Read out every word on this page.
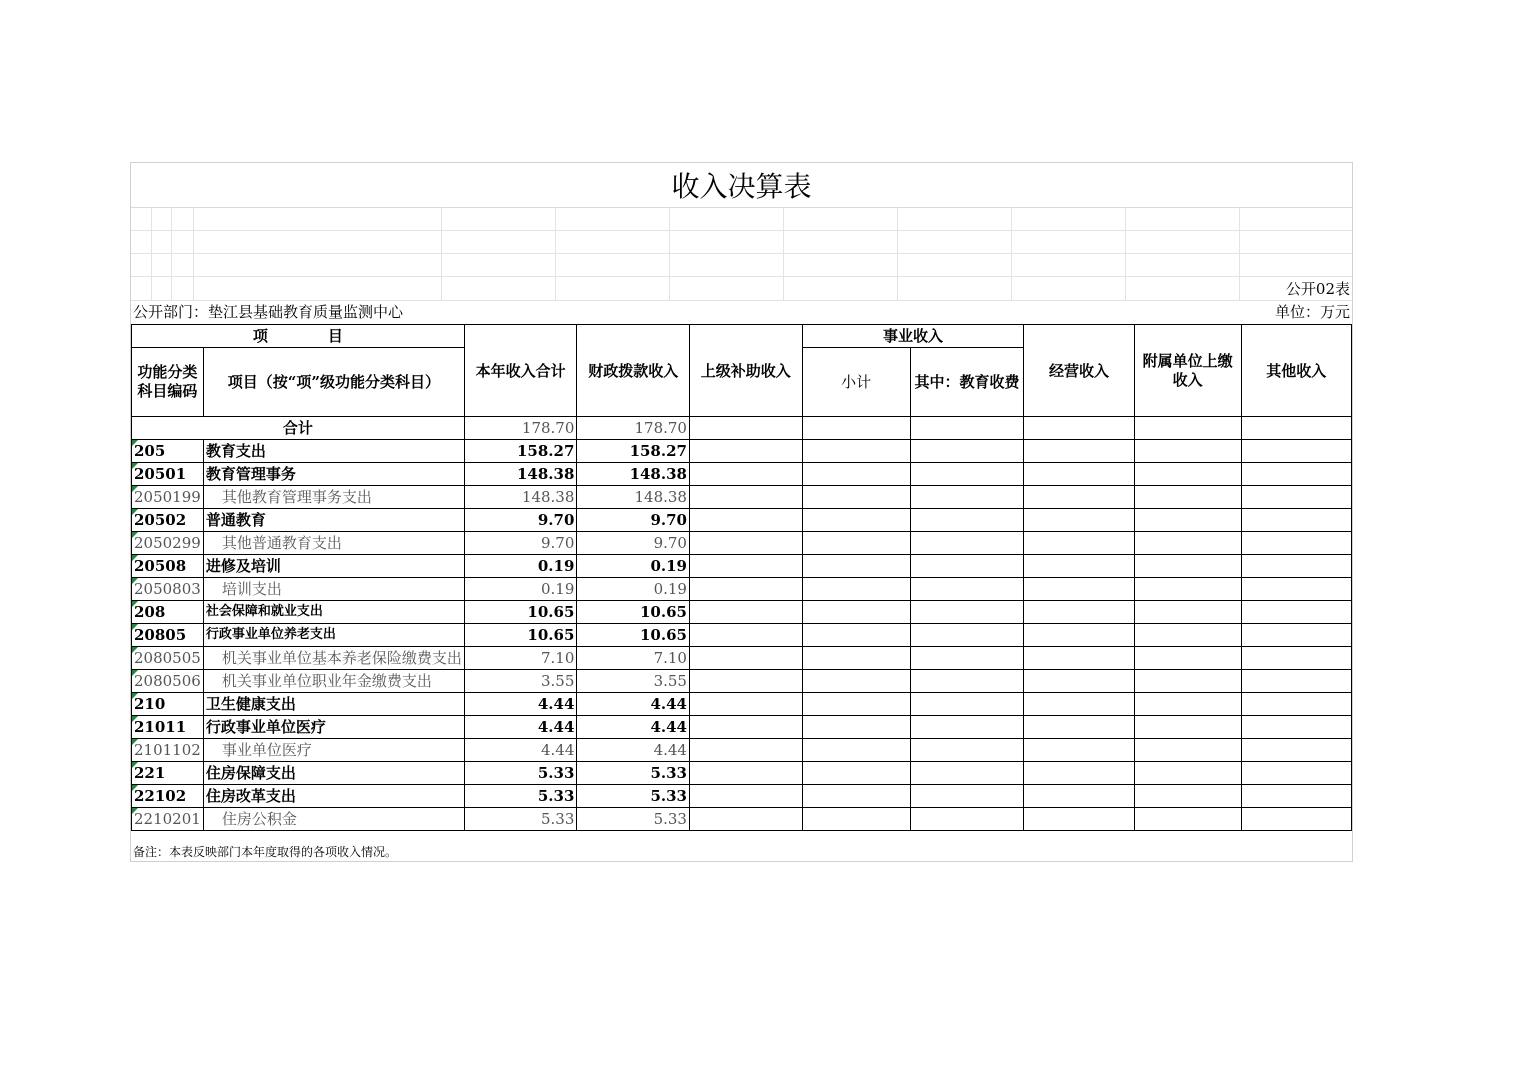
收入决算表
公开02表
公开部门：垫江县基础教育质量监测中心	单位：万元
项　　　　目		本年收入合计	财政拨款收入	上级补助收入	事业收入		经营收入	附属单位上缴收入	其他收入
功能分类科目编码	项目（按“项”级功能分类科目）				小计	其中：教育收费			
合计		178.70	178.70						
205	教育支出	158.27	158.27						
20501	教育管理事务	148.38	148.38						
2050199	其他教育管理事务支出	148.38	148.38						
20502	普通教育	9.70	9.70						
2050299	其他普通教育支出	9.70	9.70						
20508	进修及培训	0.19	0.19						
2050803	培训支出	0.19	0.19						
208	社会保障和就业支出	10.65	10.65						
20805	行政事业单位养老支出	10.65	10.65						
2080505	机关事业单位基本养老保险缴费支出	7.10	7.10						
2080506	机关事业单位职业年金缴费支出	3.55	3.55						
210	卫生健康支出	4.44	4.44						
21011	行政事业单位医疗	4.44	4.44						
2101102	事业单位医疗	4.44	4.44						
221	住房保障支出	5.33	5.33						
22102	住房改革支出	5.33	5.33						
2210201	住房公积金	5.33	5.33						
备注：本表反映部门本年度取得的各项收入情况。
